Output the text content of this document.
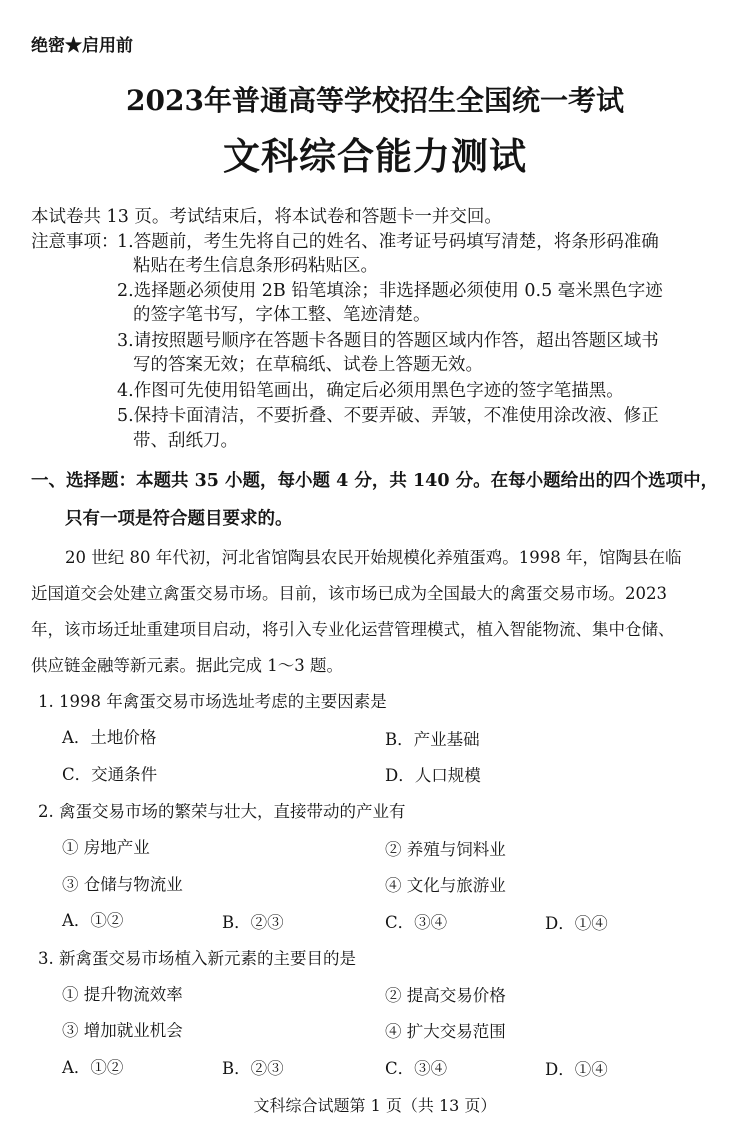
绝密★启用前
2023年普通高等学校招生全国统一考试
文科综合能力测试
本试卷共 13 页。考试结束后，将本试卷和答题卡一并交回。
注意事项：
1.答题前，考生先将自己的姓名、准考证号码填写清楚，将条形码准确
粘贴在考生信息条形码粘贴区。
2.选择题必须使用 2B 铅笔填涂；非选择题必须使用 0.5 毫米黑色字迹
的签字笔书写，字体工整、笔迹清楚。
3.请按照题号顺序在答题卡各题目的答题区域内作答，超出答题区域书
写的答案无效；在草稿纸、试卷上答题无效。
4.作图可先使用铅笔画出，确定后必须用黑色字迹的签字笔描黑。
5.保持卡面清洁，不要折叠、不要弄破、弄皱，不准使用涂改液、修正
带、刮纸刀。
一、选择题：本题共 35 小题，每小题 4 分，共 140 分。在每小题给出的四个选项中，
只有一项是符合题目要求的。
20 世纪 80 年代初，河北省馆陶县农民开始规模化养殖蛋鸡。1998 年，馆陶县在临
近国道交会处建立禽蛋交易市场。目前，该市场已成为全国最大的禽蛋交易市场。2023
年，该市场迁址重建项目启动，将引入专业化运营管理模式，植入智能物流、集中仓储、
供应链金融等新元素。据此完成 1～3 题。
1. 1998 年禽蛋交易市场选址考虑的主要因素是
A．土地价格	B．产业基础
C．交通条件	D．人口规模
2. 禽蛋交易市场的繁荣与壮大，直接带动的产业有
① 房地产业	② 养殖与饲料业
③ 仓储与物流业	④ 文化与旅游业
A．①②	B．②③	C．③④	D．①④
3. 新禽蛋交易市场植入新元素的主要目的是
① 提升物流效率	② 提高交易价格
③ 增加就业机会	④ 扩大交易范围
A．①②	B．②③	C．③④	D．①④
文科综合试题第 1 页（共 13 页）
